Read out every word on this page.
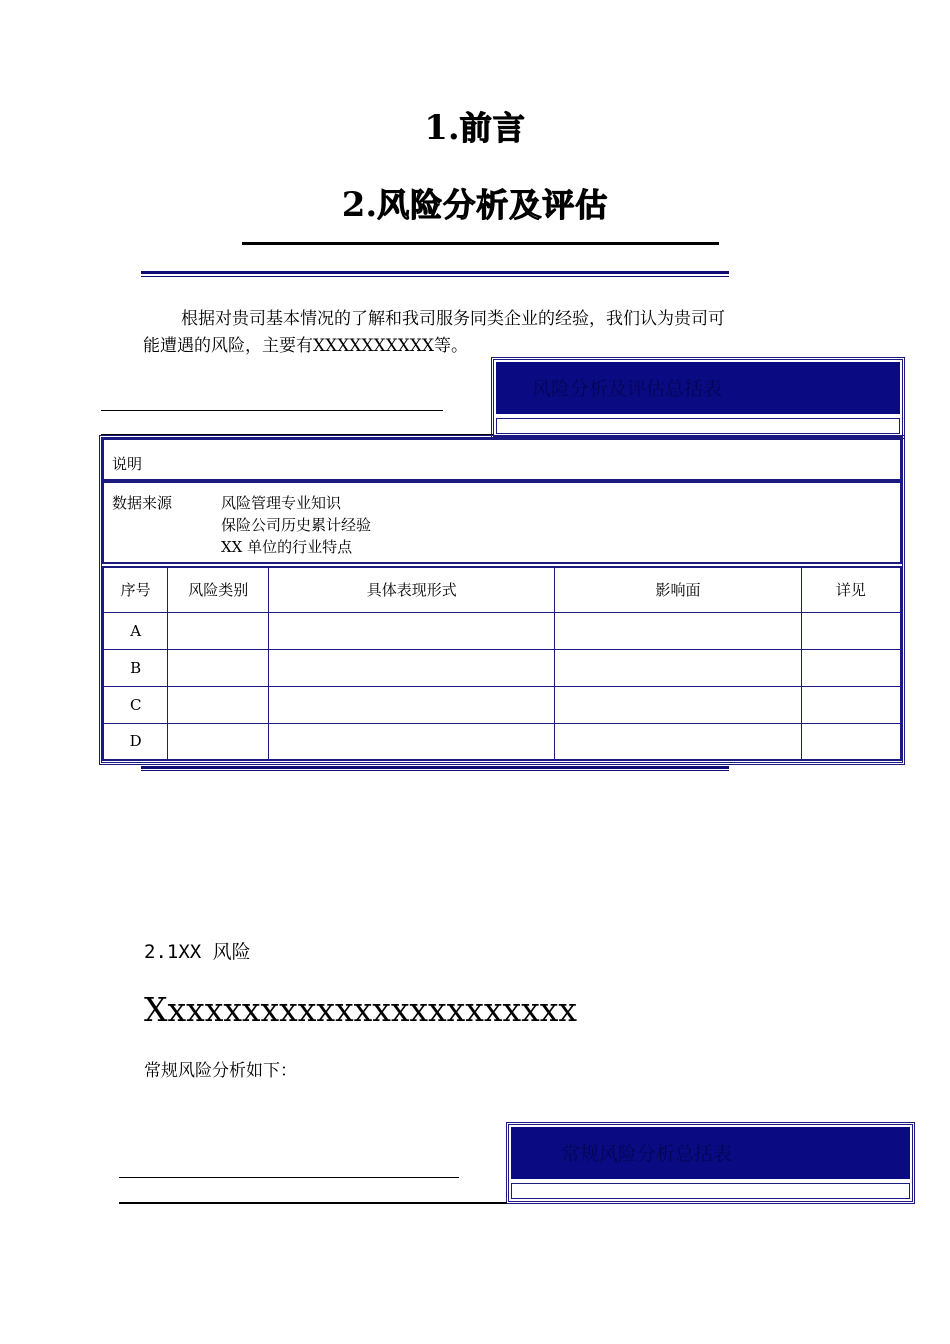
1.前言
2.风险分析及评估
根据对贵司基本情况的了解和我司服务同类企业的经验，我们认为贵司可能遭遇的风险，主要有XXXXXXXXXX等。
风险分析及评估总括表
说明
数据来源	风险管理专业知识
保险公司历史累计经验
XX 单位的行业特点
序号	风险类别	具体表现形式	影响面	详见
A				
B				
C				
D				
2.1XX 风险
Xxxxxxxxxxxxxxxxxxxxxxx
常规风险分析如下：
常规风险分析总括表
